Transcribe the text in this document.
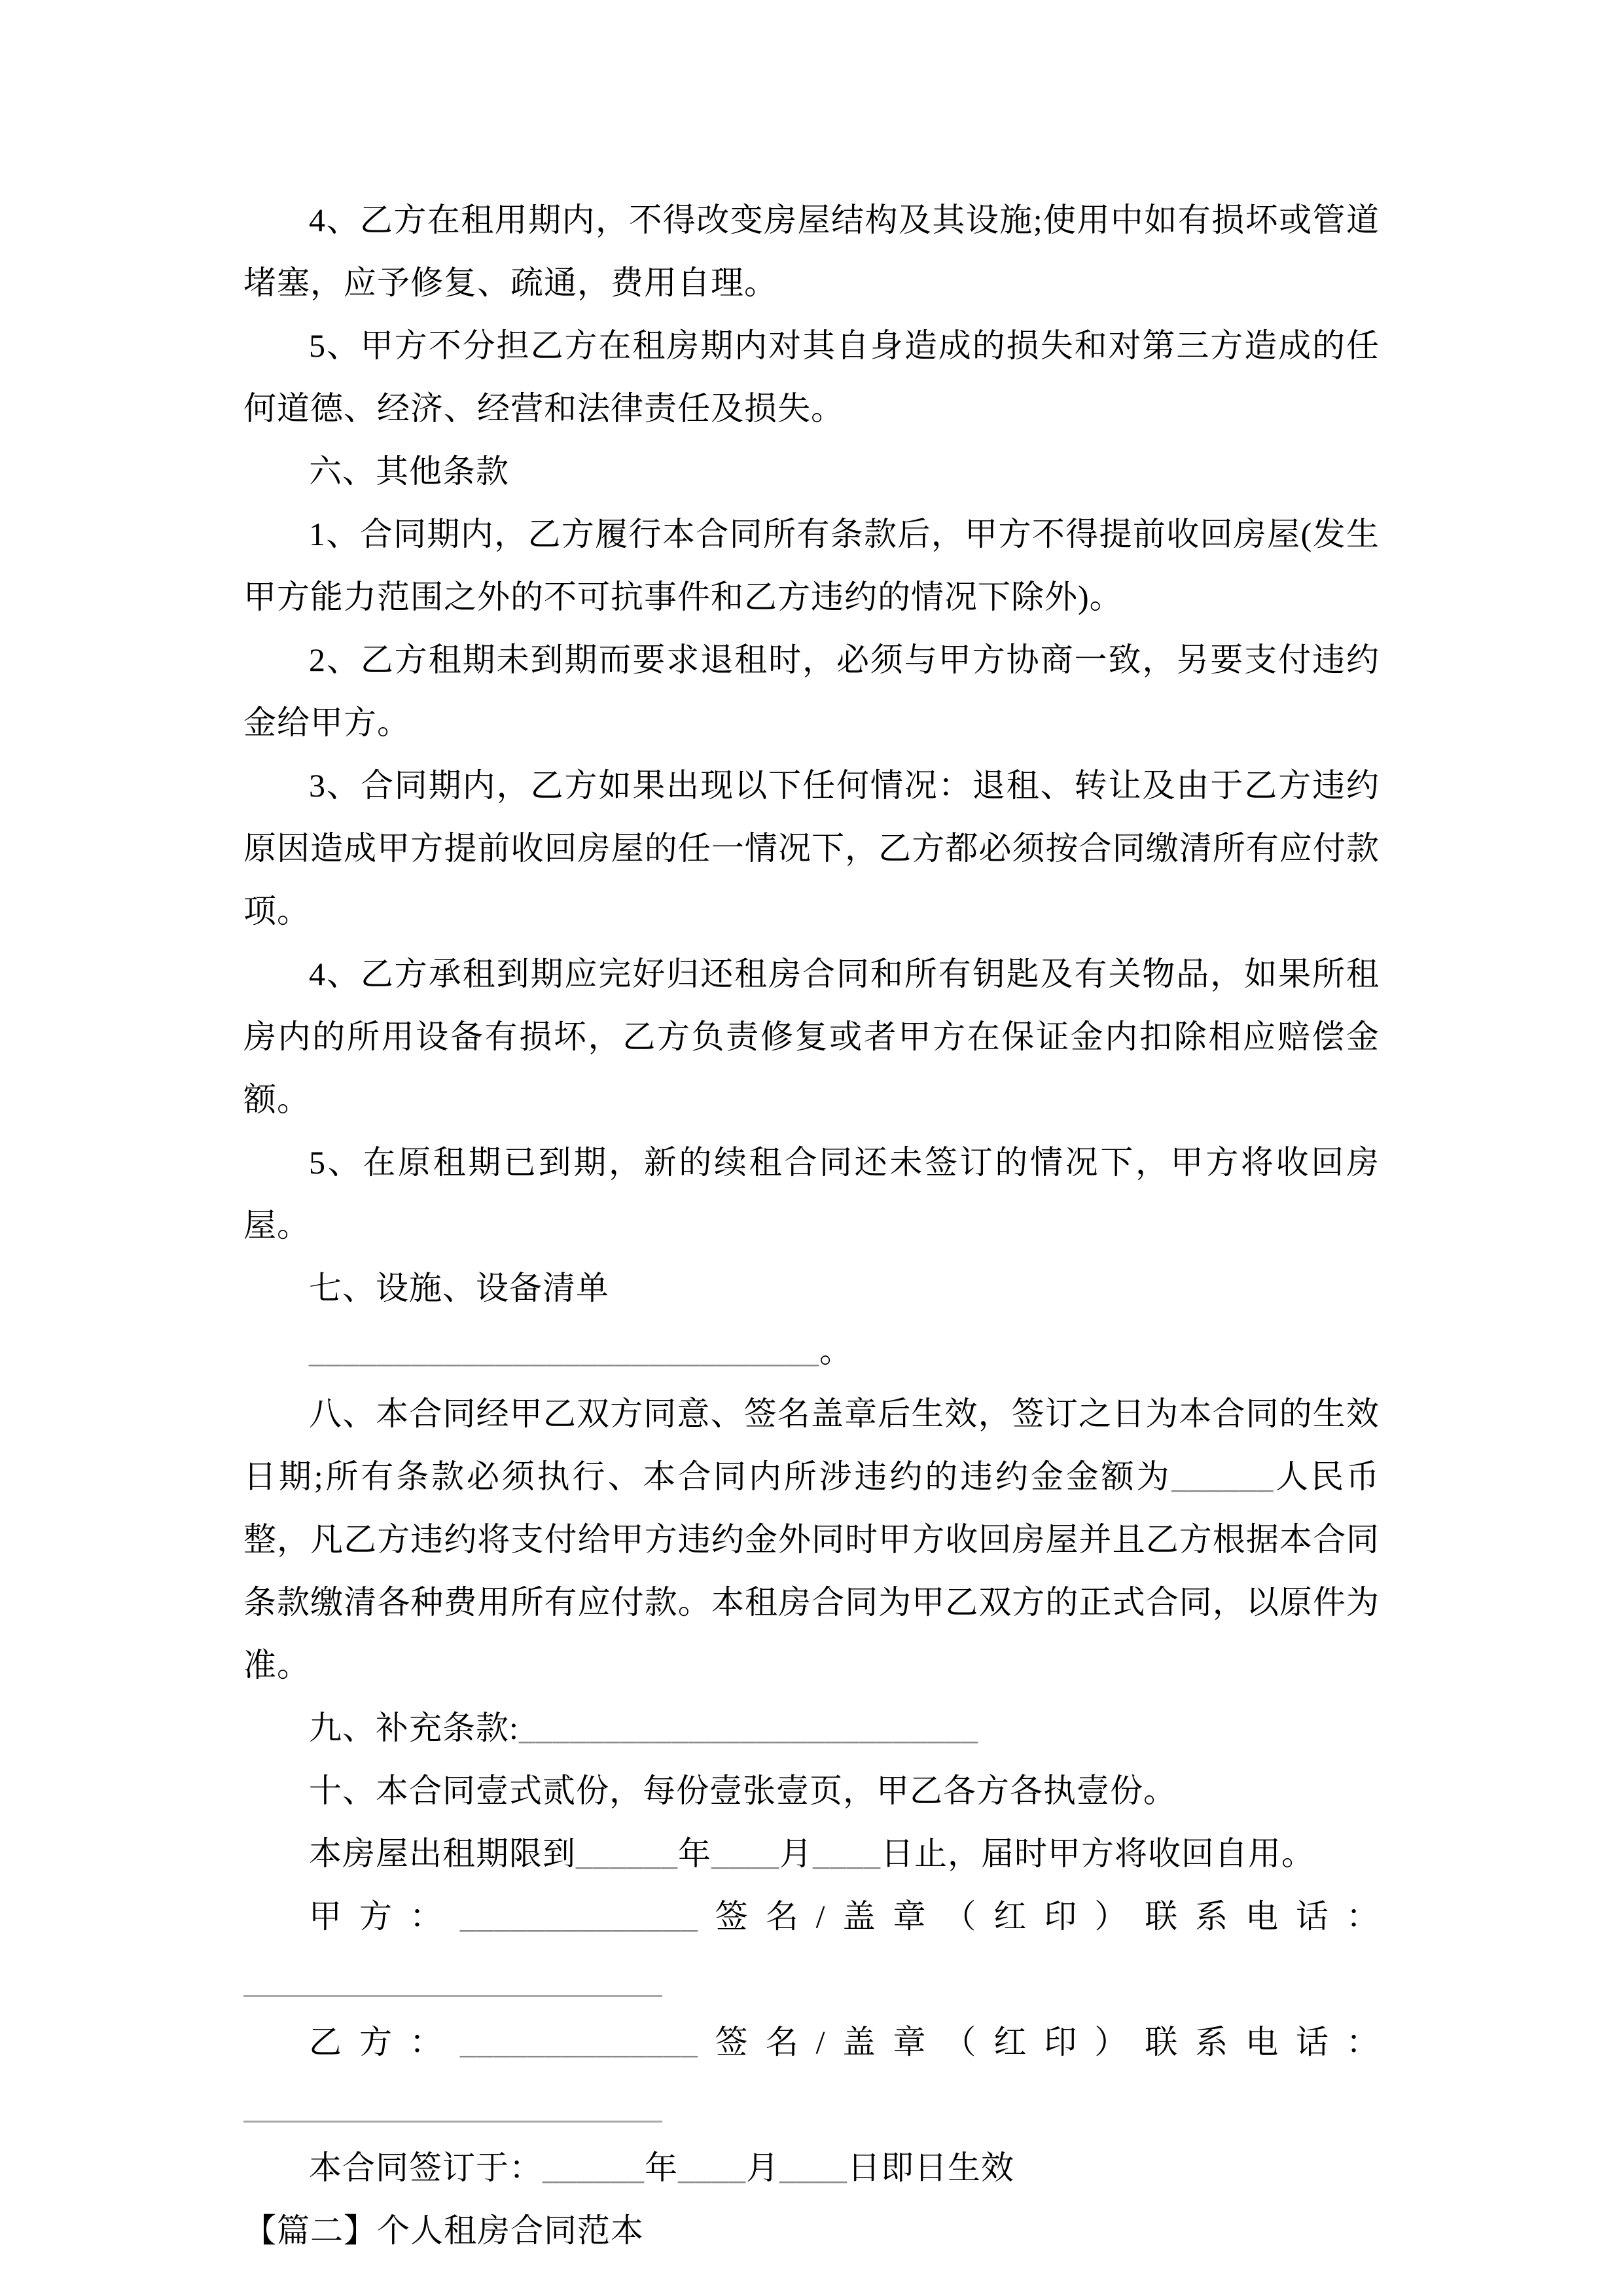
4、乙方在租用期内，不得改变房屋结构及其设施;使用中如有损坏或管道堵塞，应予修复、疏通，费用自理。

5、甲方不分担乙方在租房期内对其自身造成的损失和对第三方造成的任何道德、经济、经营和法律责任及损失。

六、其他条款

1、合同期内，乙方履行本合同所有条款后，甲方不得提前收回房屋(发生甲方能力范围之外的不可抗事件和乙方违约的情况下除外)。

2、乙方租期未到期而要求退租时，必须与甲方协商一致，另要支付违约金给甲方。

3、合同期内，乙方如果出现以下任何情况：退租、转让及由于乙方违约原因造成甲方提前收回房屋的任一情况下，乙方都必须按合同缴清所有应付款项。

4、乙方承租到期应完好归还租房合同和所有钥匙及有关物品，如果所租房内的所用设备有损坏，乙方负责修复或者甲方在保证金内扣除相应赔偿金额。

5、在原租期已到期，新的续租合同还未签订的情况下，甲方将收回房屋。

七、设施、设备清单

______________________________。

八、本合同经甲乙双方同意、签名盖章后生效，签订之日为本合同的生效日期;所有条款必须执行、本合同内所涉违约的违约金金额为______人民币整，凡乙方违约将支付给甲方违约金外同时甲方收回房屋并且乙方根据本合同条款缴清各种费用所有应付款。本租房合同为甲乙双方的正式合同，以原件为准。

九、补充条款:___________________________

十、本合同壹式贰份，每份壹张壹页，甲乙各方各执壹份。

本房屋出租期限到______年____月____日止，届时甲方将收回自用。

甲方：______________签名/盖章（红印）联系电话：

乙方：______________签名/盖章（红印）联系电话：

本合同签订于：______年____月____日即日生效

【篇二】个人租房合同范本
